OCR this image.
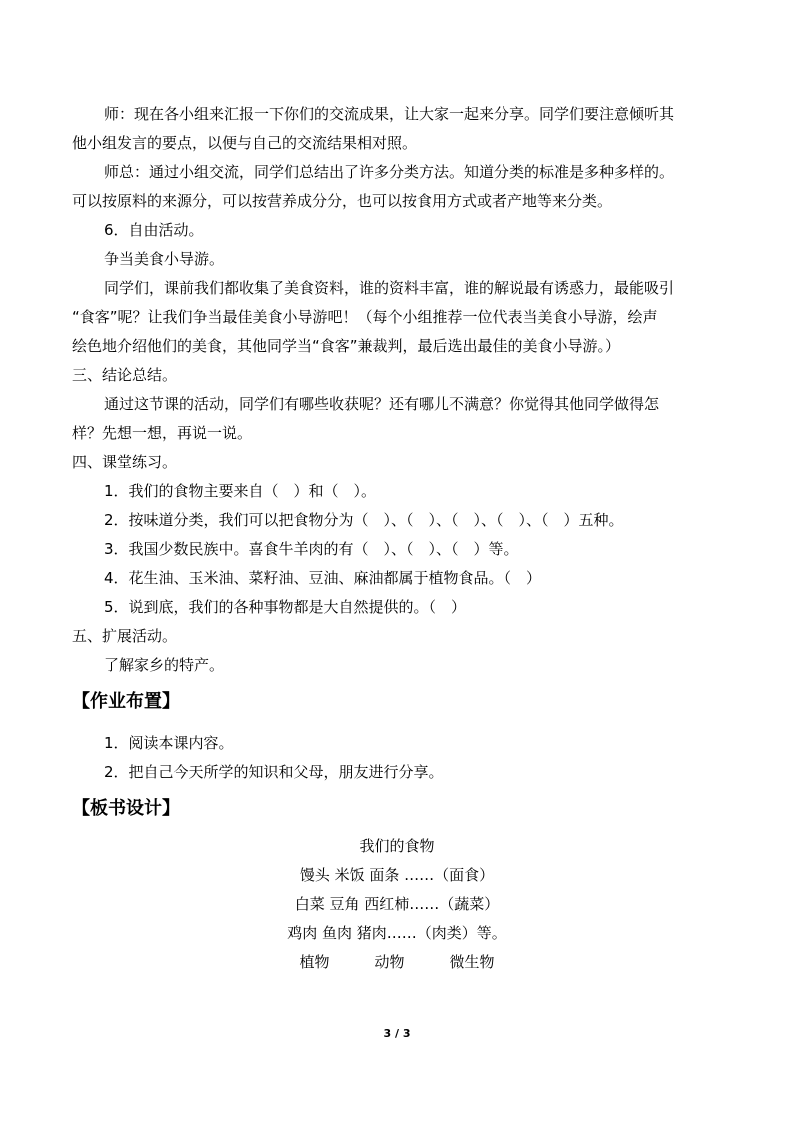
师：现在各小组来汇报一下你们的交流成果，让大家一起来分享。同学们要注意倾听其
他小组发言的要点，以便与自己的交流结果相对照。
师总：通过小组交流，同学们总结出了许多分类方法。知道分类的标准是多种多样的。
可以按原料的来源分，可以按营养成分分，也可以按食用方式或者产地等来分类。
6．自由活动。
争当美食小导游。
同学们，课前我们都收集了美食资料，谁的资料丰富，谁的解说最有诱惑力，最能吸引
“食客”呢？让我们争当最佳美食小导游吧！（每个小组推荐一位代表当美食小导游，绘声
绘色地介绍他们的美食，其他同学当“食客”兼裁判，最后选出最佳的美食小导游。）
三、结论总结。
通过这节课的活动，同学们有哪些收获呢？还有哪儿不满意？你觉得其他同学做得怎
样？先想一想，再说一说。
四、课堂练习。
1．我们的食物主要来自（　）和（　）。
2．按味道分类，我们可以把食物分为（　）、（　）、（　）、（　）、（　）五种。
3．我国少数民族中。喜食牛羊肉的有（　）、（　）、（　）等。
4．花生油、玉米油、菜籽油、豆油、麻油都属于植物食品。（　）
5．说到底，我们的各种事物都是大自然提供的。（　）
五、扩展活动。
了解家乡的特产。
【作业布置】
1．阅读本课内容。
2．把自己今天所学的知识和父母，朋友进行分享。
【板书设计】
我们的食物
馒头 米饭 面条 ……（面食）
白菜 豆角 西红柿……（蔬菜）
鸡肉 鱼肉 猪肉……（肉类）等。
植物　　　动物　　　微生物
3 / 3
